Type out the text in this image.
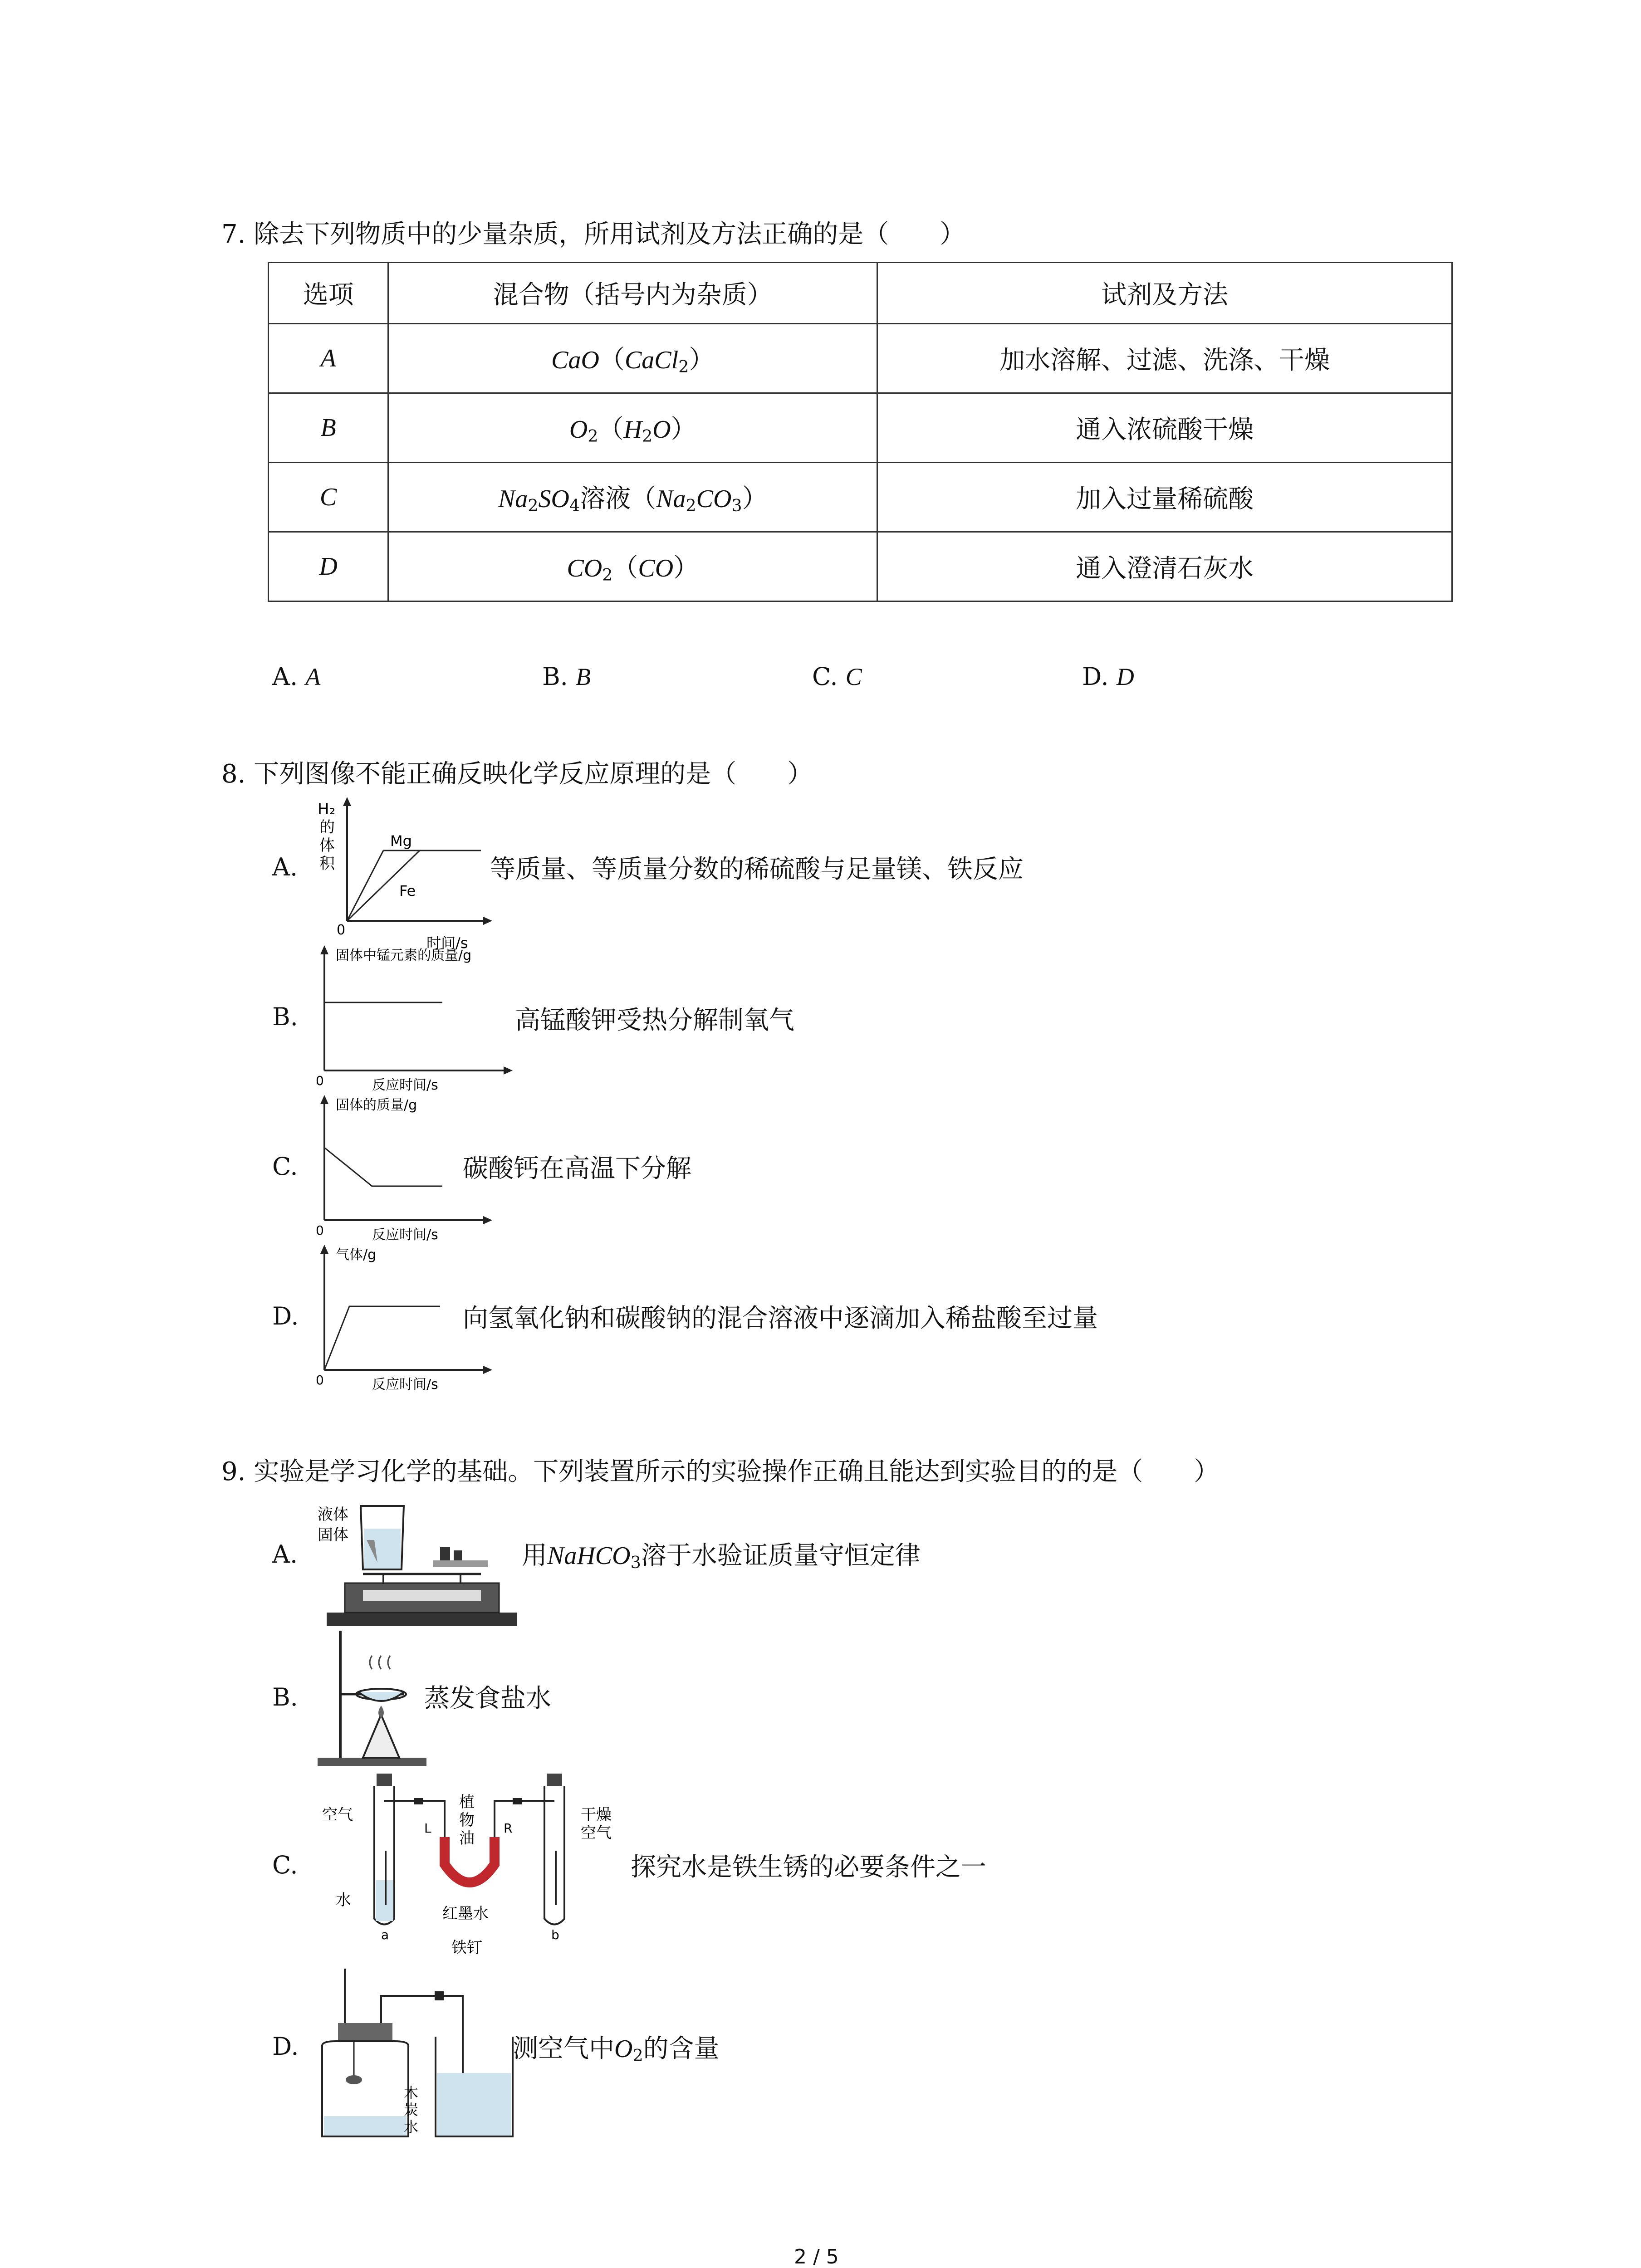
7. 除去下列物质中的少量杂质，所用试剂及方法正确的是（　　）
选项	混合物（括号内为杂质）	试剂及方法
A	CaO（CaCl$_2$）	加水溶解、过滤、洗涤、干燥
B	$O_2(H_2O)$	通入浓硫酸干燥
C	$Na_2SO_4$溶液$(Na_2CO_3)$	加入过量稀硫酸
D	$CO_2(CO)$	通入澄清石灰水
A. A	B. B	C. C	D. D
8. 下列图像不能正确反映化学反应原理的是（　　）
A.
H₂
的
体
积
Mg
Fe
0
时间/s
等质量、等质量分数的稀硫酸与足量镁、铁反应
B.
固体中锰元素的质量/g
0	反应时间/s
高锰酸钾受热分解制氧气
C.
固体的质量/g
0	反应时间/s
碳酸钙在高温下分解
D.
气体/g
0	反应时间/s
向氢氧化钠和碳酸钠的混合溶液中逐滴加入稀盐酸至过量
9. 实验是学习化学的基础。下列装置所示的实验操作正确且能达到实验目的的是（　　）
A.
液体
固体
用NaHCO$_3$溶于水验证质量守恒定律
B.	蒸发食盐水
C.
空气
植
物
油
干燥
空气
水
红墨水
铁钉
L	R
a	b
探究水是铁生锈的必要条件之一
D.
木
炭
水
测空气中$O_2$的含量
2 / 5
